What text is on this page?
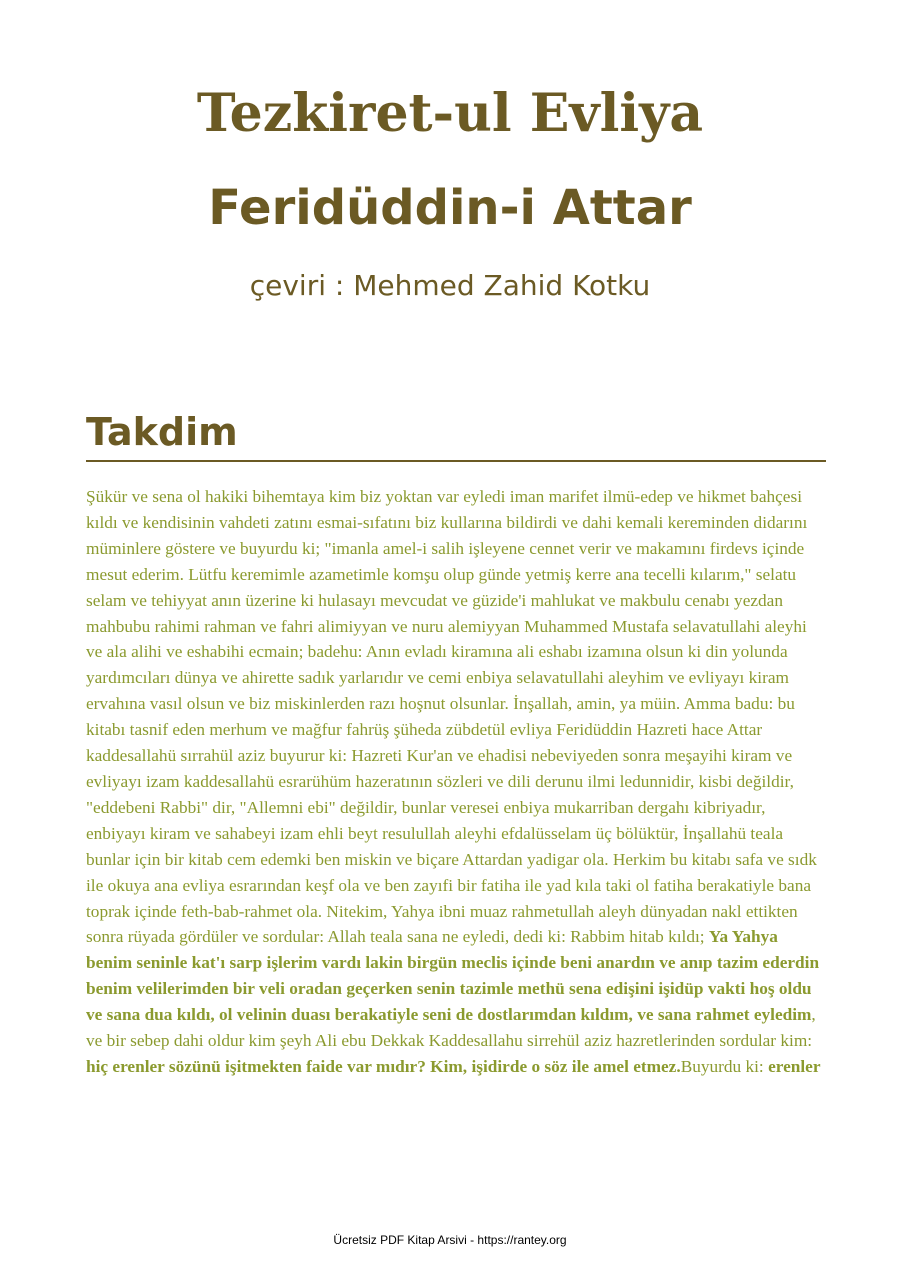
Tezkiret-ul Evliya
Feridüddin-i Attar

çeviri : Mehmed Zahid Kotku

Takdim

Şükür ve sena ol hakiki bihemtaya kim biz yoktan var eyledi iman marifet ilmü-edep ve hikmet bahçesi kıldı ve kendisinin vahdeti zatını esmai-sıfatını biz kullarına bildirdi ve dahi kemali kereminden didarını müminlere göstere ve buyurdu ki; "imanla amel-i salih işleyene cennet verir ve makamını firdevs içinde mesut ederim. Lütfu keremimle azametimle komşu olup günde yetmiş kerre ana tecelli kılarım," selatu selam ve tehiyyat anın üzerine ki hulasayı mevcudat ve güzide'i mahlukat ve makbulu cenabı yezdan mahbubu rahimi rahman ve fahri alimiyyan ve nuru alemiyyan Muhammed Mustafa selavatullahi aleyhi ve ala alihi ve eshabihi ecmain; badehu: Anın evladı kiramına ali eshabı izamına olsun ki din yolunda yardımcıları dünya ve ahirette sadık yarlarıdır ve cemi enbiya selavatullahi aleyhim ve evliyayı kiram ervahına vasıl olsun ve biz miskinlerden razı hoşnut olsunlar. İnşallah, amin, ya müin. Amma badu: bu kitabı tasnif eden merhum ve mağfur fahrüş şüheda zübdetül evliya Feridüddin Hazreti hace Attar kaddesallahü sırrahül aziz buyurur ki: Hazreti Kur'an ve ehadisi nebeviyeden sonra meşayihi kiram ve evliyayı izam kaddesallahü esrarühüm hazeratının sözleri ve dili derunu ilmi ledunnidir, kisbi değildir, "eddebeni Rabbi" dir, "Allemni ebi" değildir, bunlar veresei enbiya mukarriban dergahı kibriyadır, enbiyayı kiram ve sahabeyi izam ehli beyt resulullah aleyhi efdalüsselam üç bölüktür, İnşallahü teala bunlar için bir kitab cem edemki ben miskin ve biçare Attardan yadigar ola. Herkim bu kitabı safa ve sıdk ile okuya ana evliya esrarından keşf ola ve ben zayıfi bir fatiha ile yad kıla taki ol fatiha berakatiyle bana toprak içinde feth-bab-rahmet ola. Nitekim, Yahya ibni muaz rahmetullah aleyh dünyadan nakl ettikten sonra rüyada gördüler ve sordular: Allah teala sana ne eyledi, dedi ki: Rabbim hitab kıldı; Ya Yahya benim seninle kat'ı sarp işlerim vardı lakin birgün meclis içinde beni anardın ve anıp tazim ederdin benim velilerimden bir veli oradan geçerken senin tazimle methü sena edişini işidüp vakti hoş oldu ve sana dua kıldı, ol velinin duası berakatiyle seni de dostlarımdan kıldım, ve sana rahmet eyledim, ve bir sebep dahi oldur kim şeyh Ali ebu Dekkak Kaddesallahu sirrehül aziz hazretlerinden sordular kim: hiç erenler sözünü işitmekten faide var mıdır? Kim, işidirde o söz ile amel etmez.Buyurdu ki: erenler

Ücretsiz PDF Kitap Arsivi - https://rantey.org
